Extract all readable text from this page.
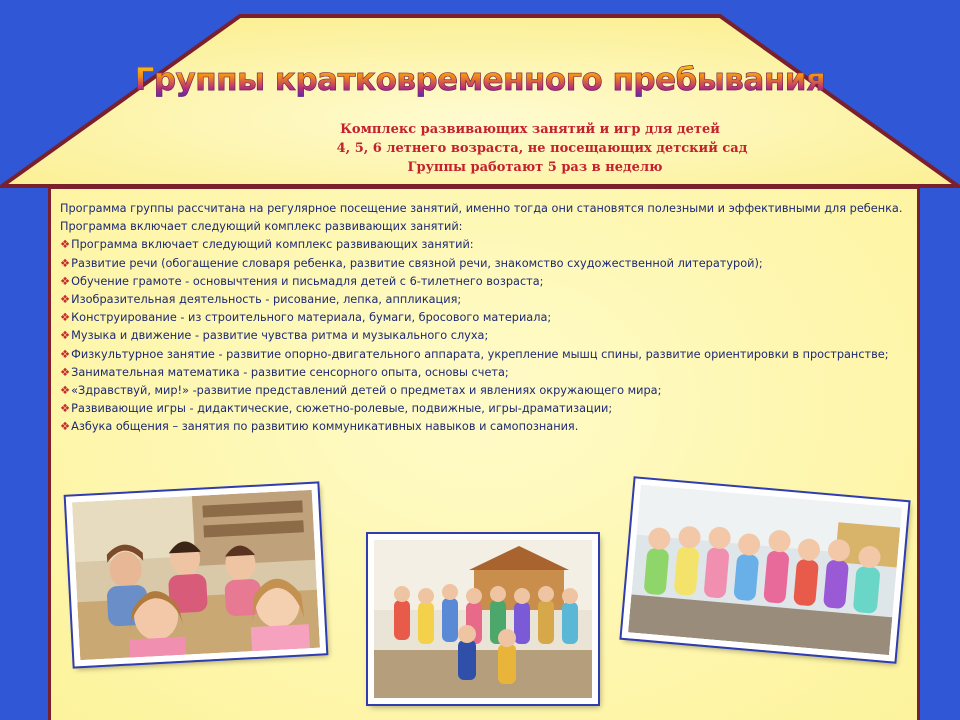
Группы кратковременного пребывания
Комплекс развивающих занятий и игр для детей
4, 5, 6 летнего возраста, не посещающих детский сад
Группы работают 5 раз в неделю

Программа группы рассчитана на регулярное посещение занятий, именно тогда они становятся полезными и эффективными для ребенка.

Программа включает следующий комплекс развивающих занятий:

❖Программа включает следующий комплекс развивающих занятий:

❖Развитие речи (обогащение словаря ребенка, развитие связной речи, знакомство схудожественной литературой);

❖Обучение грамоте - основычтения и письмадля детей с 6-тилетнего возраста;

❖Изобразительная деятельность - рисование, лепка, аппликация;

❖Конструирование - из строительного материала, бумаги, бросового материала;

❖Музыка и движение - развитие чувства ритма и музыкального слуха;

❖Физкультурное занятие - развитие опорно-двигательного аппарата, укрепление мышц спины, развитие ориентировки в пространстве;

❖Занимательная математика - развитие сенсорного опыта, основы счета;

❖«Здравствуй, мир!» -развитие представлений детей о предметах и явлениях окружающего мира;

❖Развивающие игры - дидактические, сюжетно-ролевые, подвижные, игры-драматизации;

❖Азбука общения – занятия по развитию коммуникативных навыков и самопознания.
